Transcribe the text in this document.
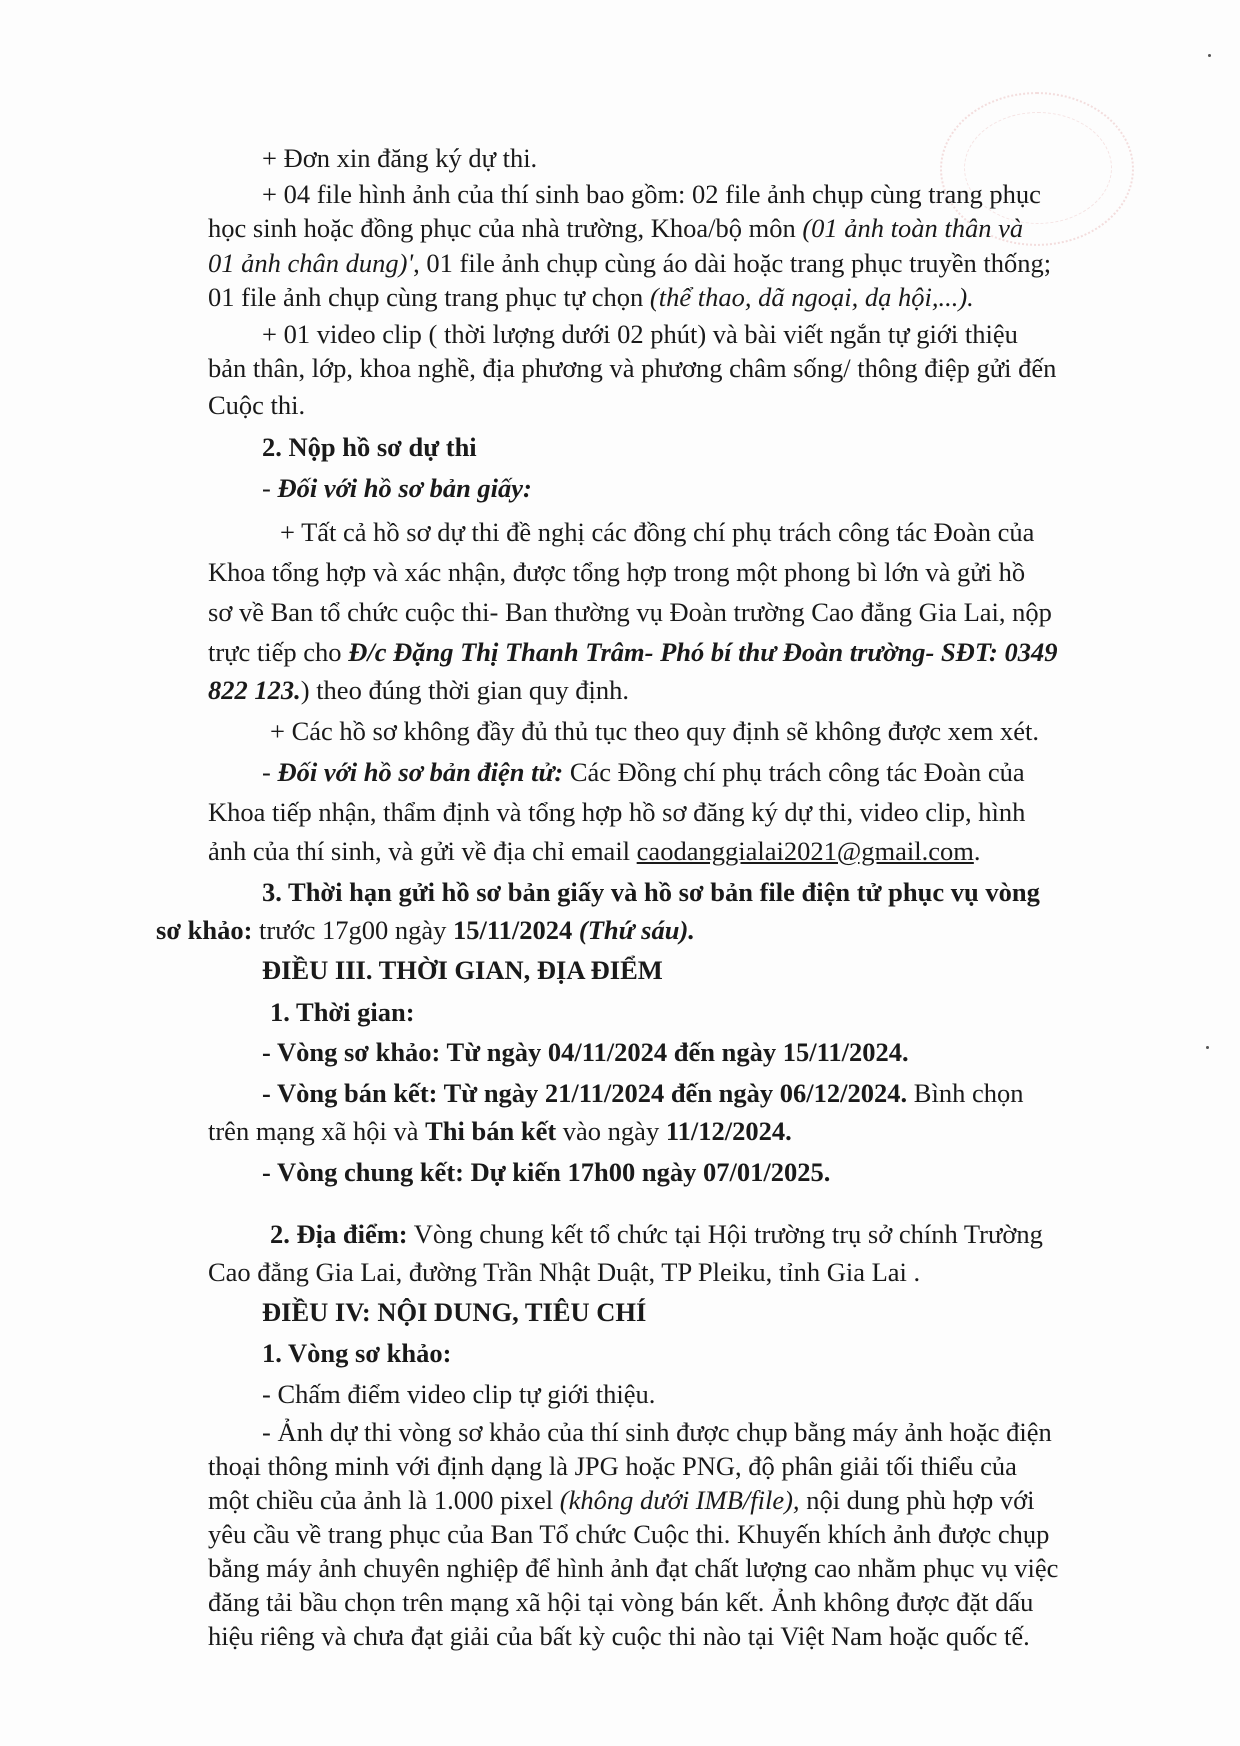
+ Đơn xin đăng ký dự thi.
+ 04 file hình ảnh của thí sinh bao gồm: 02 file ảnh chụp cùng trang phục
học sinh hoặc đồng phục của nhà trường, Khoa/bộ môn (01 ảnh toàn thân và
01 ảnh chân dung)', 01 file ảnh chụp cùng áo dài hoặc trang phục truyền thống;
01 file ảnh chụp cùng trang phục tự chọn (thể thao, dã ngoại, dạ hội,...).
+ 01 video clip ( thời lượng dưới 02 phút) và bài viết ngắn tự giới thiệu
bản thân, lớp, khoa nghề, địa phương và phương châm sống/ thông điệp gửi đến
Cuộc thi.
2. Nộp hồ sơ dự thi
- Đối với hồ sơ bản giấy:
+ Tất cả hồ sơ dự thi đề nghị các đồng chí phụ trách công tác Đoàn của
Khoa tổng hợp và xác nhận, được tổng hợp trong một phong bì lớn và gửi hồ
sơ về Ban tổ chức cuộc thi- Ban thường vụ Đoàn trường Cao đẳng Gia Lai, nộp
trực tiếp cho Đ/c Đặng Thị Thanh Trâm- Phó bí thư Đoàn trường- SĐT: 0349
822 123.) theo đúng thời gian quy định.
+ Các hồ sơ không đầy đủ thủ tục theo quy định sẽ không được xem xét.
- Đối với hồ sơ bản điện tử: Các Đồng chí phụ trách công tác Đoàn của
Khoa tiếp nhận, thẩm định và tổng hợp hồ sơ đăng ký dự thi, video clip, hình
ảnh của thí sinh, và gửi về địa chỉ email caodanggialai2021@gmail.com.
3. Thời hạn gửi hồ sơ bản giấy và hồ sơ bản file điện tử phục vụ vòng
sơ khảo: trước 17g00 ngày 15/11/2024 (Thứ sáu).
ĐIỀU III. THỜI GIAN, ĐỊA ĐIỂM
1. Thời gian:
- Vòng sơ khảo: Từ ngày 04/11/2024 đến ngày 15/11/2024.
- Vòng bán kết: Từ ngày 21/11/2024 đến ngày 06/12/2024. Bình chọn
trên mạng xã hội và Thi bán kết vào ngày 11/12/2024.
- Vòng chung kết: Dự kiến 17h00 ngày 07/01/2025.
2. Địa điểm: Vòng chung kết tổ chức tại Hội trường trụ sở chính Trường
Cao đẳng Gia Lai, đường Trần Nhật Duật, TP Pleiku, tỉnh Gia Lai .
ĐIỀU IV: NỘI DUNG, TIÊU CHÍ
1. Vòng sơ khảo:
- Chấm điểm video clip tự giới thiệu.
- Ảnh dự thi vòng sơ khảo của thí sinh được chụp bằng máy ảnh hoặc điện
thoại thông minh với định dạng là JPG hoặc PNG, độ phân giải tối thiểu của
một chiều của ảnh là 1.000 pixel (không dưới IMB/file), nội dung phù hợp với
yêu cầu về trang phục của Ban Tổ chức Cuộc thi. Khuyến khích ảnh được chụp
bằng máy ảnh chuyên nghiệp để hình ảnh đạt chất lượng cao nhằm phục vụ việc
đăng tải bầu chọn trên mạng xã hội tại vòng bán kết. Ảnh không được đặt dấu
hiệu riêng và chưa đạt giải của bất kỳ cuộc thi nào tại Việt Nam hoặc quốc tế.
